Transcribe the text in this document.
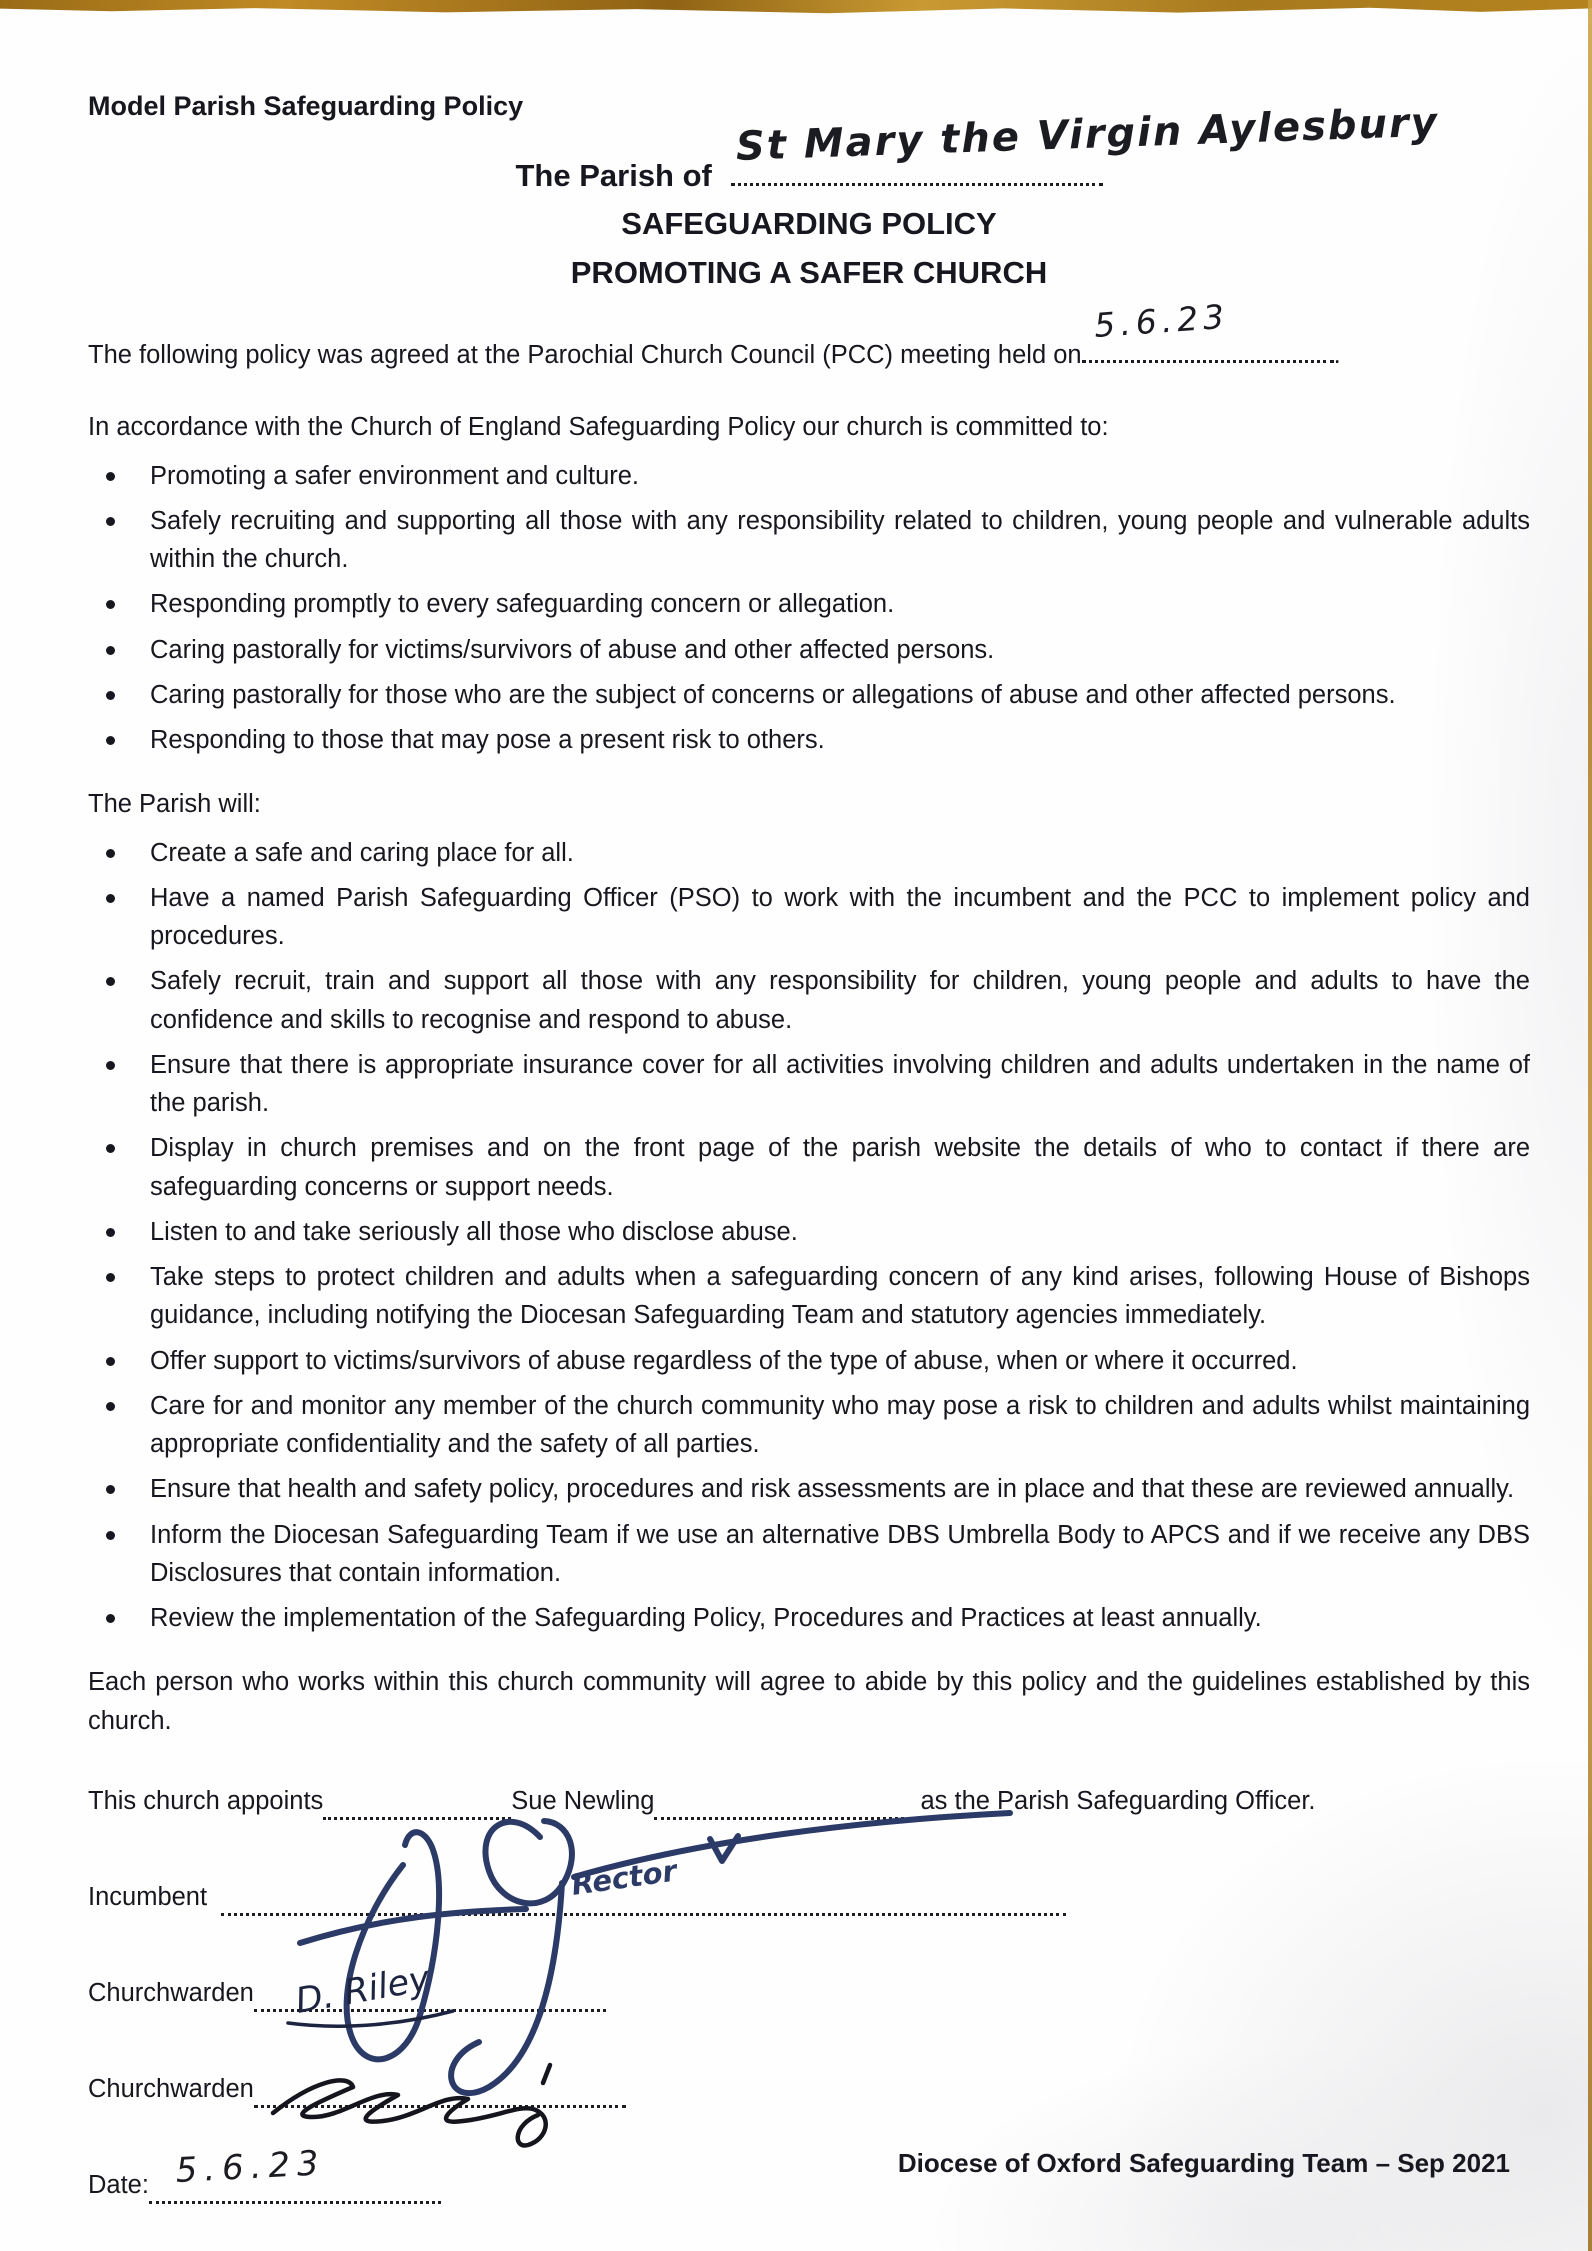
Model Parish Safeguarding Policy

The Parish of
St Mary the Virgin Aylesbury
SAFEGUARDING POLICY
PROMOTING A SAFER CHURCH

The following policy was agreed at the Parochial Church Council (PCC) meeting held on
5.6.23
.

In accordance with the Church of England Safeguarding Policy our church is committed to:

Promoting a safer environment and culture.
Safely recruiting and supporting all those with any responsibility related to children, young people and vulnerable adults within the church.
Responding promptly to every safeguarding concern or allegation.
Caring pastorally for victims/survivors of abuse and other affected persons.
Caring pastorally for those who are the subject of concerns or allegations of abuse and other affected persons.
Responding to those that may pose a present risk to others.

The Parish will:

Create a safe and caring place for all.
Have a named Parish Safeguarding Officer (PSO) to work with the incumbent and the PCC to implement policy and procedures.
Safely recruit, train and support all those with any responsibility for children, young people and adults to have the confidence and skills to recognise and respond to abuse.
Ensure that there is appropriate insurance cover for all activities involving children and adults undertaken in the name of the parish.
Display in church premises and on the front page of the parish website the details of who to contact if there are safeguarding concerns or support needs.
Listen to and take seriously all those who disclose abuse.
Take steps to protect children and adults when a safeguarding concern of any kind arises, following House of Bishops guidance, including notifying the Diocesan Safeguarding Team and statutory agencies immediately.
Offer support to victims/survivors of abuse regardless of the type of abuse, when or where it occurred.
Care for and monitor any member of the church community who may pose a risk to children and adults whilst maintaining appropriate confidentiality and the safety of all parties.
Ensure that health and safety policy, procedures and risk assessments are in place and that these are reviewed annually.
Inform the Diocesan Safeguarding Team if we use an alternative DBS Umbrella Body to APCS and if we receive any DBS Disclosures that contain information.
Review the implementation of the Safeguarding Policy, Procedures and Practices at least annually.

Each person who works within this church community will agree to abide by this policy and the guidelines established by this church.

This church appoints	Sue Newling	as the Parish Safeguarding Officer.
Incumbent
Churchwarden
Churchwarden
Date: 5.6.23
Rector
D. Riley
Diocese of Oxford Safeguarding Team – Sep 2021
